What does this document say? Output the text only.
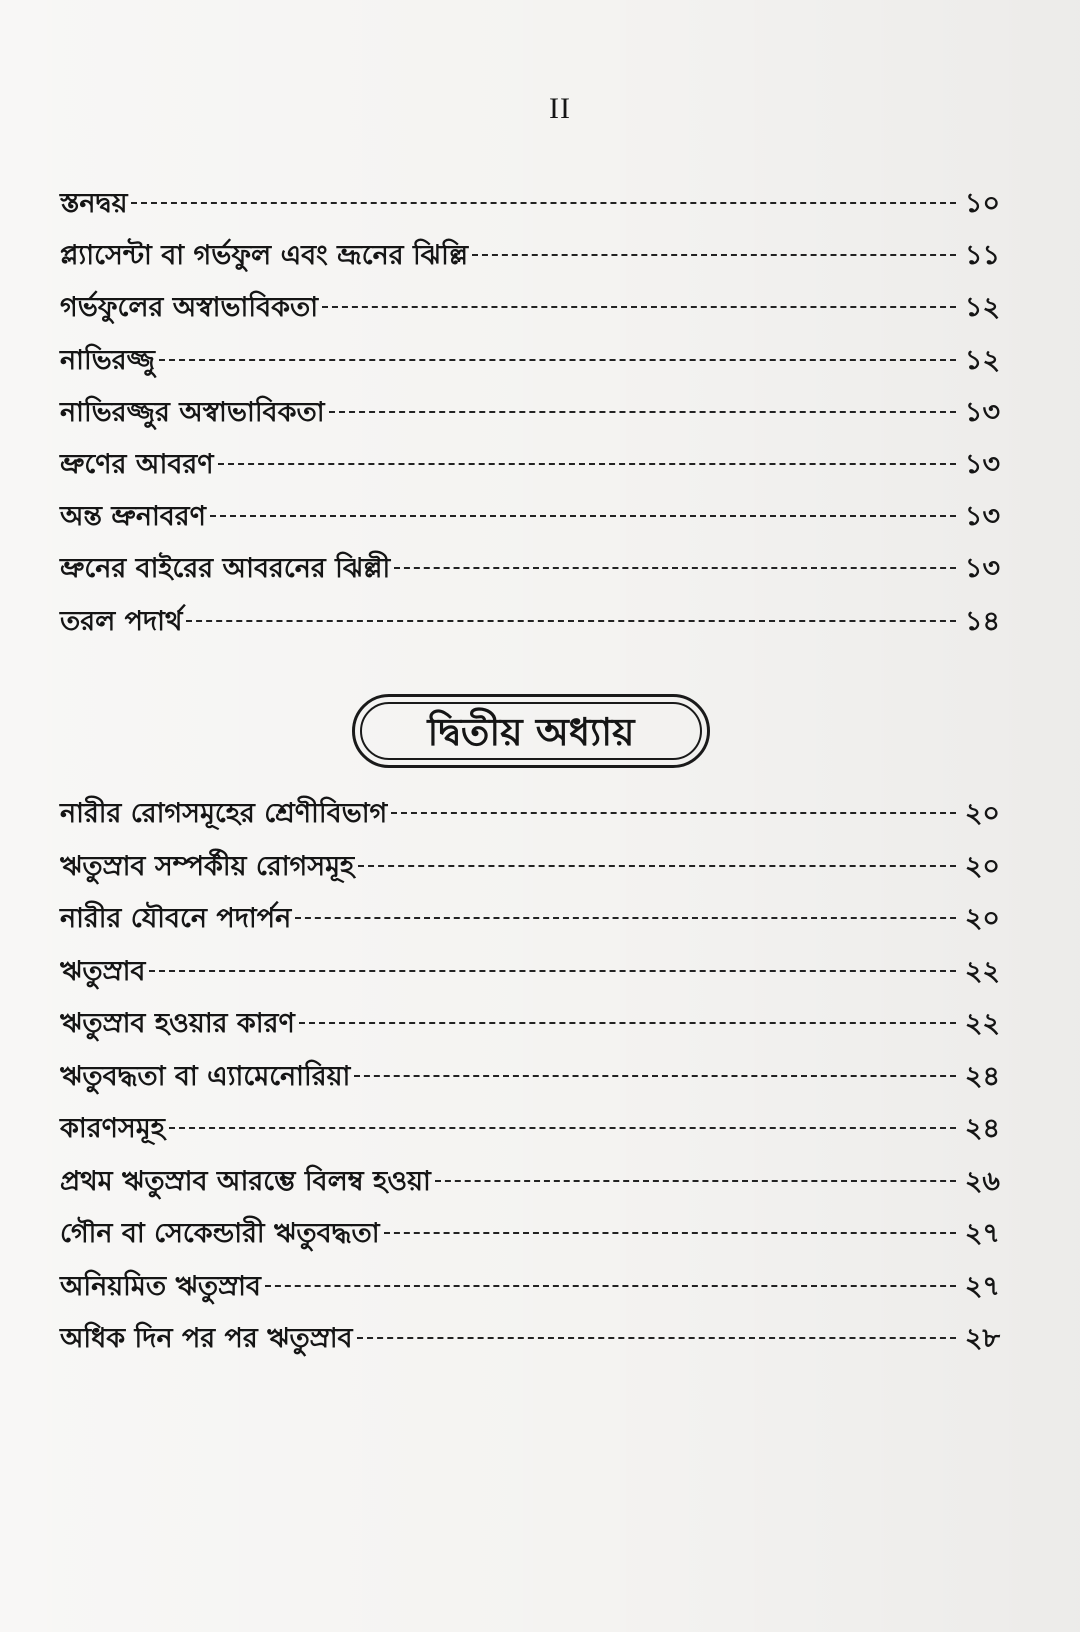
II
স্তনদ্বয়	১০
প্ল্যাসেন্টা বা গর্ভফুল এবং ভ্রূনের ঝিল্লি	১১
গর্ভফুলের অস্বাভাবিকতা	১২
নাভিরজ্জু	১২
নাভিরজ্জুর অস্বাভাবিকতা	১৩
ভ্রুণের আবরণ	১৩
অন্ত ভ্রুনাবরণ	১৩
ভ্রুনের বাইরের আবরনের ঝিল্লী	১৩
তরল পদার্থ	১৪
দ্বিতীয় অধ্যায়
নারীর রোগসমূহের শ্রেণীবিভাগ	২০
ঋতুস্রাব সম্পর্কীয় রোগসমূহ	২০
নারীর যৌবনে পদার্পন	২০
ঋতুস্রাব	২২
ঋতুস্রাব হওয়ার কারণ	২২
ঋতুবদ্ধতা বা এ্যামেনোরিয়া	২৪
কারণসমূহ	২৪
প্রথম ঋতুস্রাব আরম্ভে বিলম্ব হওয়া	২৬
গৌন বা সেকেন্ডারী ঋতুবদ্ধতা	২৭
অনিয়মিত ঋতুস্রাব	২৭
অধিক দিন পর পর ঋতুস্রাব	২৮
